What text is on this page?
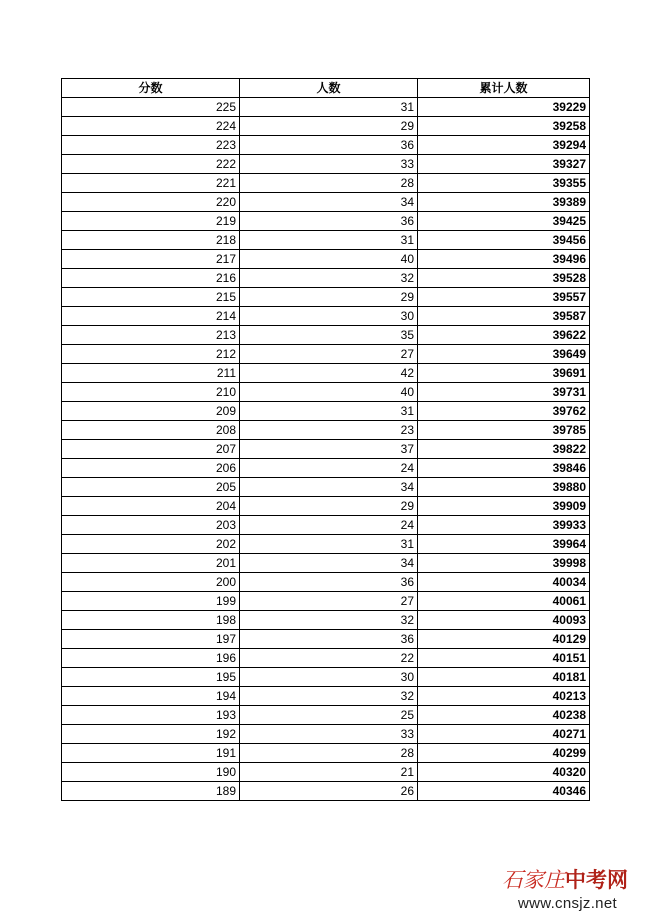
分数	人数	累计人数
225	31	39229
224	29	39258
223	36	39294
222	33	39327
221	28	39355
220	34	39389
219	36	39425
218	31	39456
217	40	39496
216	32	39528
215	29	39557
214	30	39587
213	35	39622
212	27	39649
211	42	39691
210	40	39731
209	31	39762
208	23	39785
207	37	39822
206	24	39846
205	34	39880
204	29	39909
203	24	39933
202	31	39964
201	34	39998
200	36	40034
199	27	40061
198	32	40093
197	36	40129
196	22	40151
195	30	40181
194	32	40213
193	25	40238
192	33	40271
191	28	40299
190	21	40320
189	26	40346
石家庄中考网
www.cnsjz.net
